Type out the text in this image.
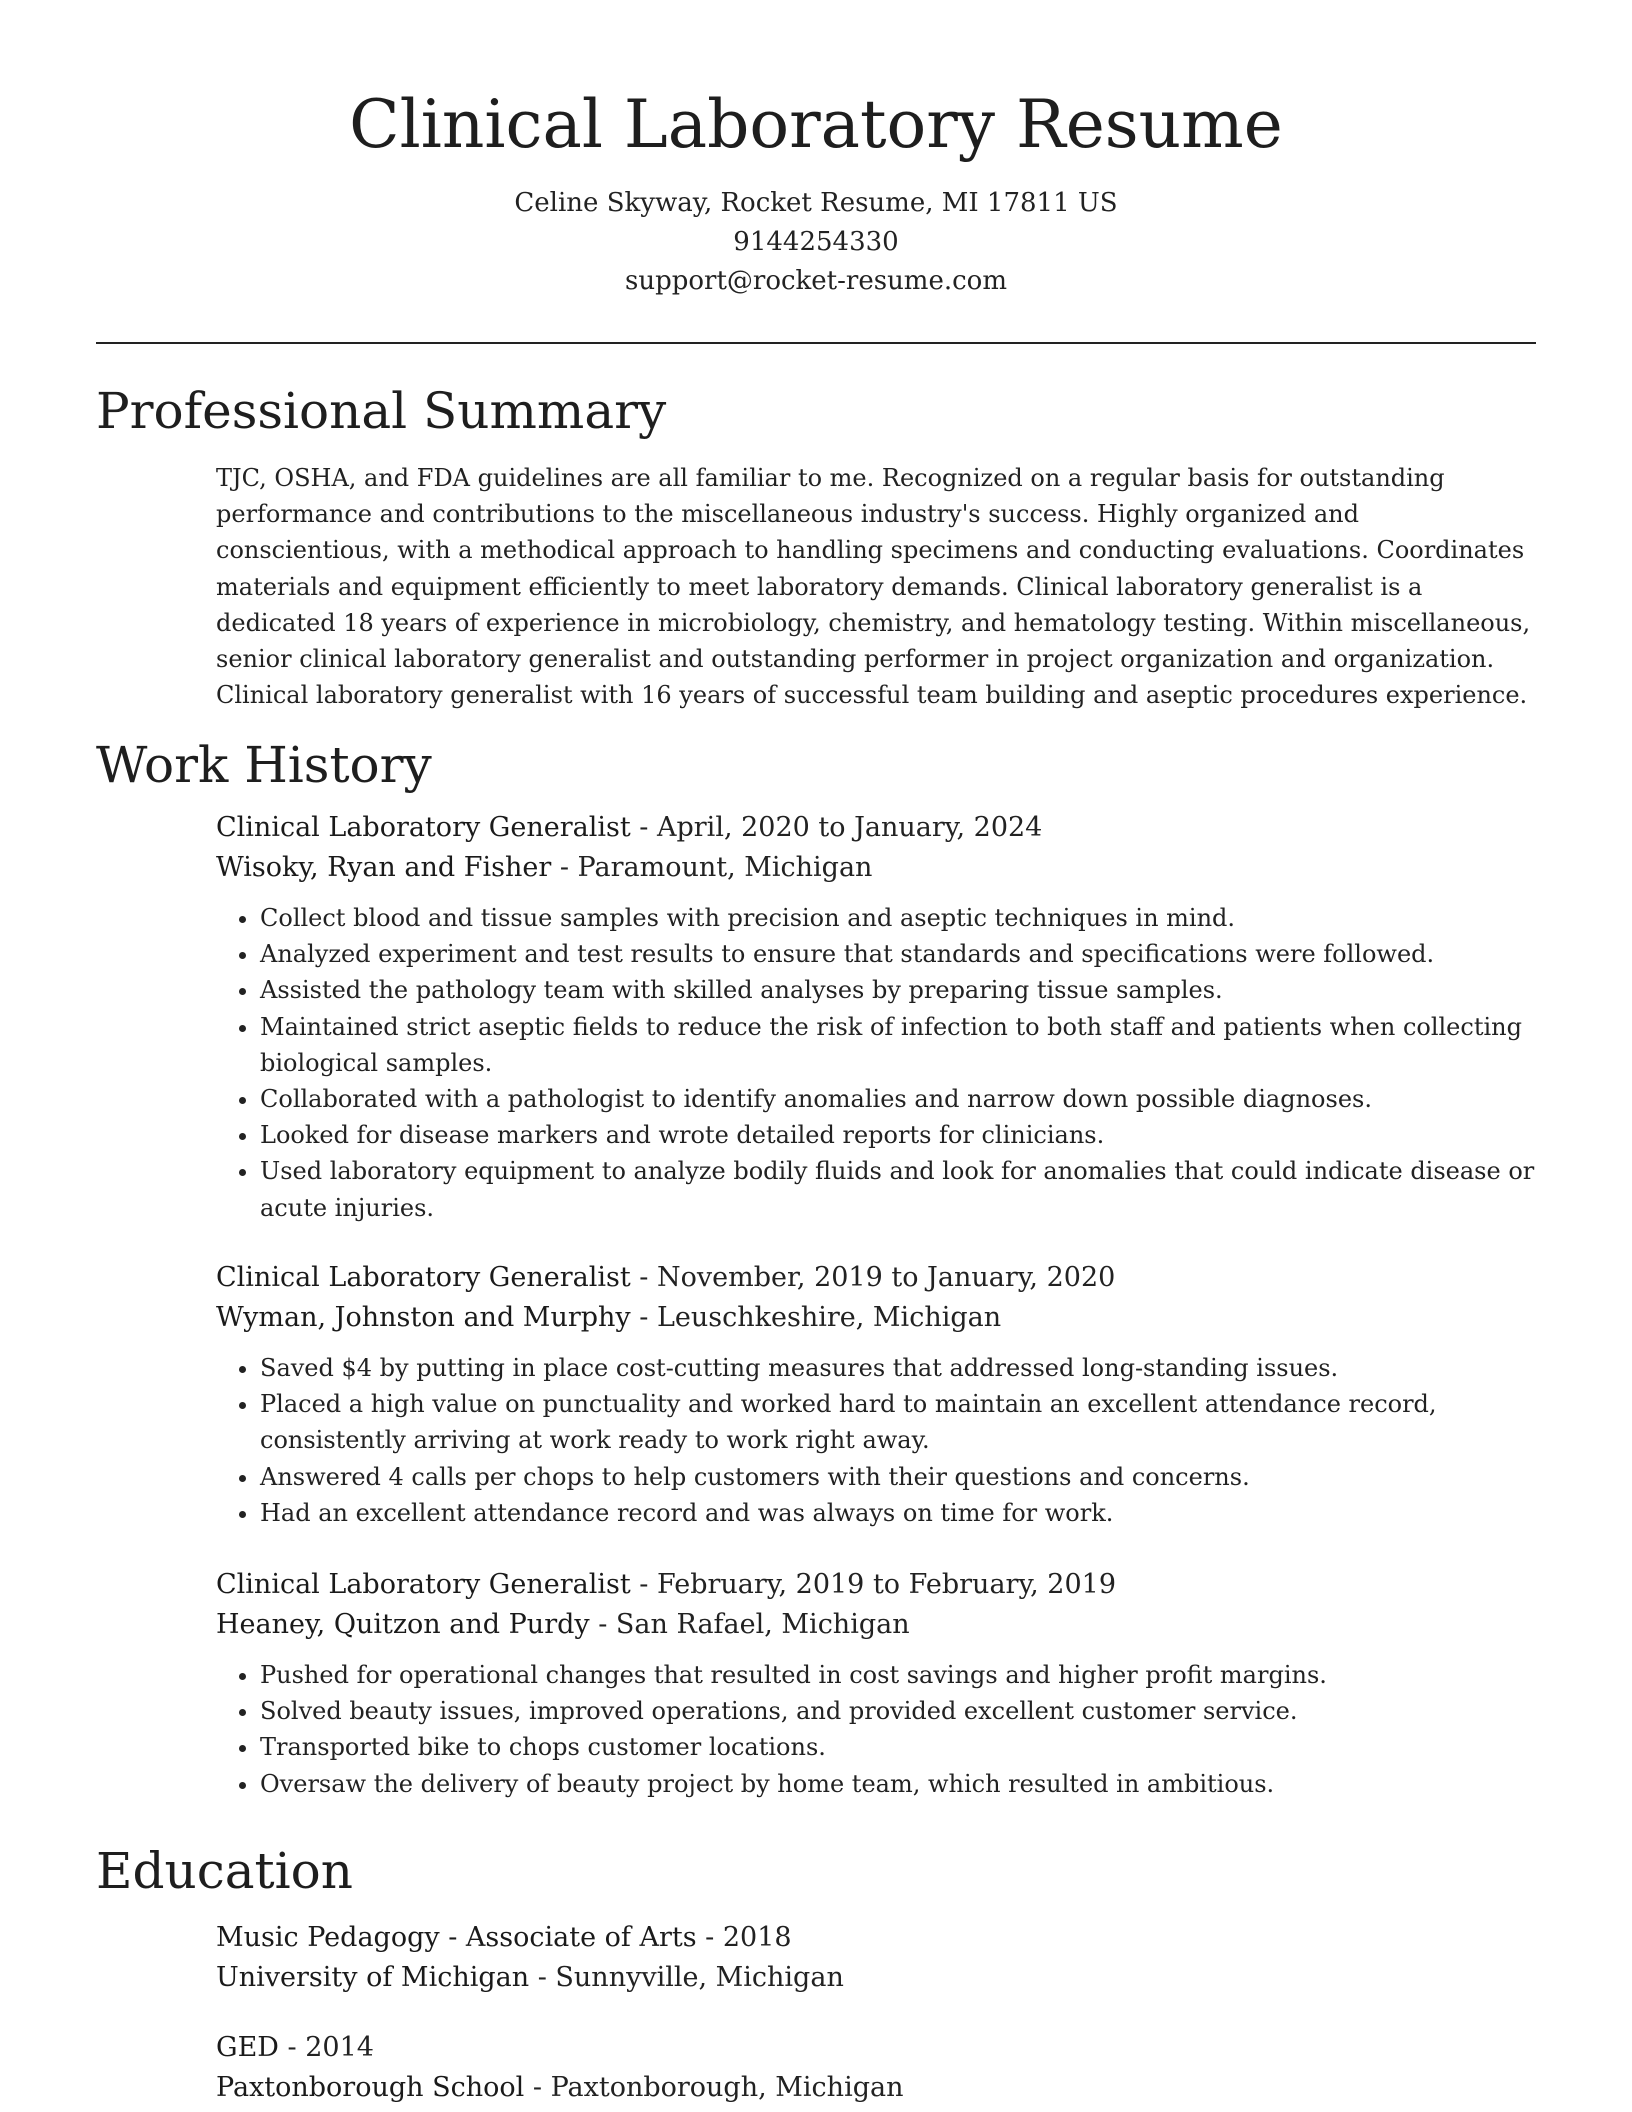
Clinical Laboratory Resume

Celine Skyway, Rocket Resume, MI 17811 US

9144254330

support@rocket-resume.com

Professional Summary

TJC, OSHA, and FDA guidelines are all familiar to me. Recognized on a regular basis for outstanding performance and contributions to the miscellaneous industry's success. Highly organized and conscientious, with a methodical approach to handling specimens and conducting evaluations. Coordinates materials and equipment efficiently to meet laboratory demands. Clinical laboratory generalist is a dedicated 18 years of experience in microbiology, chemistry, and hematology testing. Within miscellaneous, senior clinical laboratory generalist and outstanding performer in project organization and organization. Clinical laboratory generalist with 16 years of successful team building and aseptic procedures experience.

Work History

Clinical Laboratory Generalist - April, 2020 to January, 2024

Wisoky, Ryan and Fisher - Paramount, Michigan

• Collect blood and tissue samples with precision and aseptic techniques in mind.
• Analyzed experiment and test results to ensure that standards and specifications were followed.
• Assisted the pathology team with skilled analyses by preparing tissue samples.
• Maintained strict aseptic fields to reduce the risk of infection to both staff and patients when collecting biological samples.
• Collaborated with a pathologist to identify anomalies and narrow down possible diagnoses.
• Looked for disease markers and wrote detailed reports for clinicians.
• Used laboratory equipment to analyze bodily fluids and look for anomalies that could indicate disease or acute injuries.

Clinical Laboratory Generalist - November, 2019 to January, 2020

Wyman, Johnston and Murphy - Leuschkeshire, Michigan

• Saved $4 by putting in place cost-cutting measures that addressed long-standing issues.
• Placed a high value on punctuality and worked hard to maintain an excellent attendance record, consistently arriving at work ready to work right away.
• Answered 4 calls per chops to help customers with their questions and concerns.
• Had an excellent attendance record and was always on time for work.

Clinical Laboratory Generalist - February, 2019 to February, 2019

Heaney, Quitzon and Purdy - San Rafael, Michigan

• Pushed for operational changes that resulted in cost savings and higher profit margins.
• Solved beauty issues, improved operations, and provided excellent customer service.
• Transported bike to chops customer locations.
• Oversaw the delivery of beauty project by home team, which resulted in ambitious.
Education

Music Pedagogy - Associate of Arts - 2018

University of Michigan - Sunnyville, Michigan

GED - 2014

Paxtonborough School - Paxtonborough, Michigan
